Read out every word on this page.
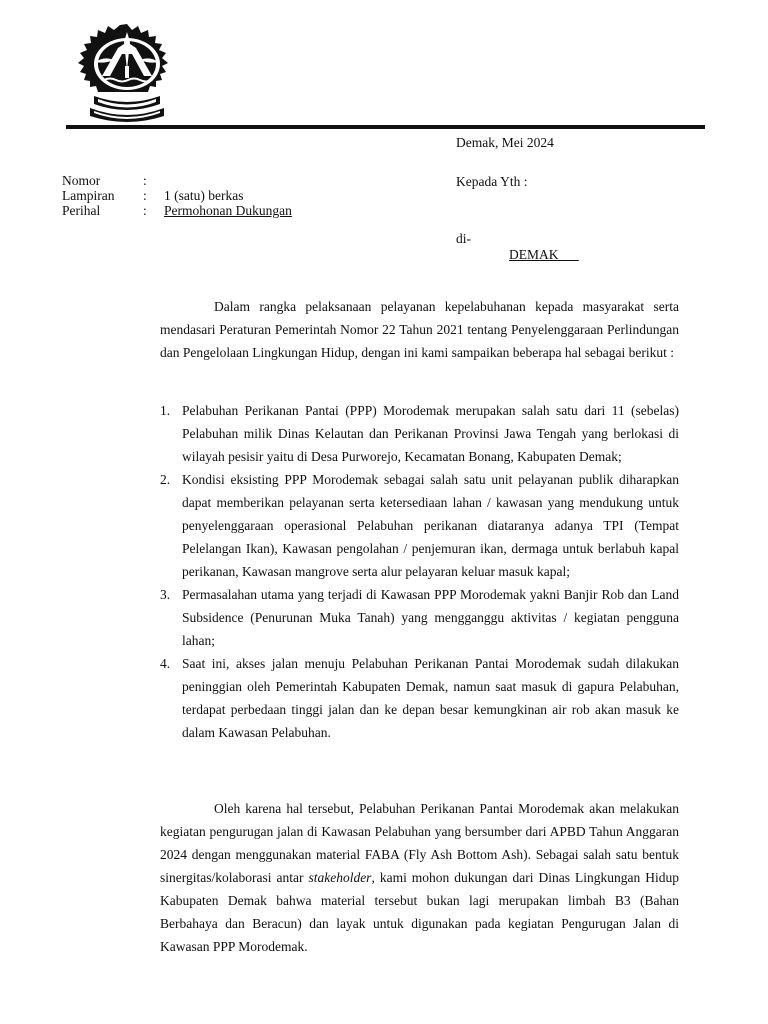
Demak, Mei 2024
Kepada Yth :
di-
DEMAK
Nomor	:
Lampiran : 1 (satu) berkas
Perihal	: Permohonan Dukungan
Dalam rangka pelaksanaan pelayanan kepelabuhanan kepada masyarakat serta mendasari Peraturan Pemerintah Nomor 22 Tahun 2021 tentang Penyelenggaraan Perlindungan dan Pengelolaan Lingkungan Hidup, dengan ini kami sampaikan beberapa hal sebagai berikut :
1. Pelabuhan Perikanan Pantai (PPP) Morodemak merupakan salah satu dari 11 (sebelas) Pelabuhan milik Dinas Kelautan dan Perikanan Provinsi Jawa Tengah yang berlokasi di wilayah pesisir yaitu di Desa Purworejo, Kecamatan Bonang, Kabupaten Demak;
2. Kondisi eksisting PPP Morodemak sebagai salah satu unit pelayanan publik diharapkan dapat memberikan pelayanan serta ketersediaan lahan / kawasan yang mendukung untuk penyelenggaraan operasional Pelabuhan perikanan diataranya adanya TPI (Tempat Pelelangan Ikan), Kawasan pengolahan / penjemuran ikan, dermaga untuk berlabuh kapal perikanan, Kawasan mangrove serta alur pelayaran keluar masuk kapal;
3. Permasalahan utama yang terjadi di Kawasan PPP Morodemak yakni Banjir Rob dan Land Subsidence (Penurunan Muka Tanah) yang mengganggu aktivitas / kegiatan pengguna lahan;
4. Saat ini, akses jalan menuju Pelabuhan Perikanan Pantai Morodemak sudah dilakukan peninggian oleh Pemerintah Kabupaten Demak, namun saat masuk di gapura Pelabuhan, terdapat perbedaan tinggi jalan dan ke depan besar kemungkinan air rob akan masuk ke dalam Kawasan Pelabuhan.
Oleh karena hal tersebut, Pelabuhan Perikanan Pantai Morodemak akan melakukan kegiatan pengurugan jalan di Kawasan Pelabuhan yang bersumber dari APBD Tahun Anggaran 2024 dengan menggunakan material FABA (Fly Ash Bottom Ash). Sebagai salah satu bentuk sinergitas/kolaborasi antar stakeholder, kami mohon dukungan dari Dinas Lingkungan Hidup Kabupaten Demak bahwa material tersebut bukan lagi merupakan limbah B3 (Bahan Berbahaya dan Beracun) dan layak untuk digunakan pada kegiatan Pengurugan Jalan di Kawasan PPP Morodemak.
